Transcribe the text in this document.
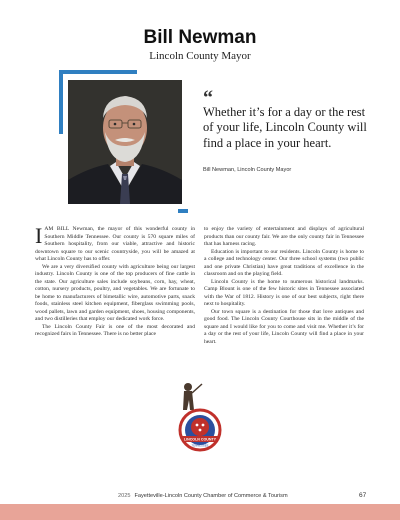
Bill Newman
Lincoln County Mayor
“
Whether it’s for a day or the rest of your life, Lincoln County will find a place in your heart.
Bill Newman, Lincoln County Mayor

IAM BILL Newman, the mayor of this wonderful county in Southern Middle Tennessee. Our county is 570 square miles of Southern hospitality, from our viable, attractive and historic downtown square to our scenic countryside, you will be amazed at what Lincoln County has to offer.

We are a very diversified county with agriculture being our largest industry. Lincoln County is one of the top producers of fine cattle in the state. Our agriculture sales include soybeans, corn, hay, wheat, cotton, nursery products, poultry, and vegetables. We are fortunate to be home to manufacturers of bimetallic wire, automotive parts, snack foods, stainless steel kitchen equipment, fiberglass swimming pools, wood pallets, lawn and garden equipment, shoes, housing components, and two distilleries that employ our dedicated work force.

The Lincoln County Fair is one of the most decorated and recognized fairs in Tennessee. There is no better place

to enjoy the variety of entertainment and displays of agricultural products than our county fair. We are the only county fair in Tennessee that has harness racing.

Education is important to our residents. Lincoln County is home to a college and technology center. Our three school systems (two public and one private Christian) have great traditions of excellence in the classroom and on the playing field.

Lincoln County is the home to numerous historical landmarks. Camp Blount is one of the few historic sites in Tennessee associated with the War of 1812. History is one of our best subjects, right there next to hospitality.

Our town square is a destination for those that love antiques and good food. The Lincoln County Courthouse sits in the middle of the square and I would like for you to come and visit me. Whether it’s for a day or the rest of your life, Lincoln County will find a place in your heart.

LINCOLN COUNTY
TENNESSEE
2025 Fayetteville-Lincoln County Chamber of Commerce & Tourism	67
